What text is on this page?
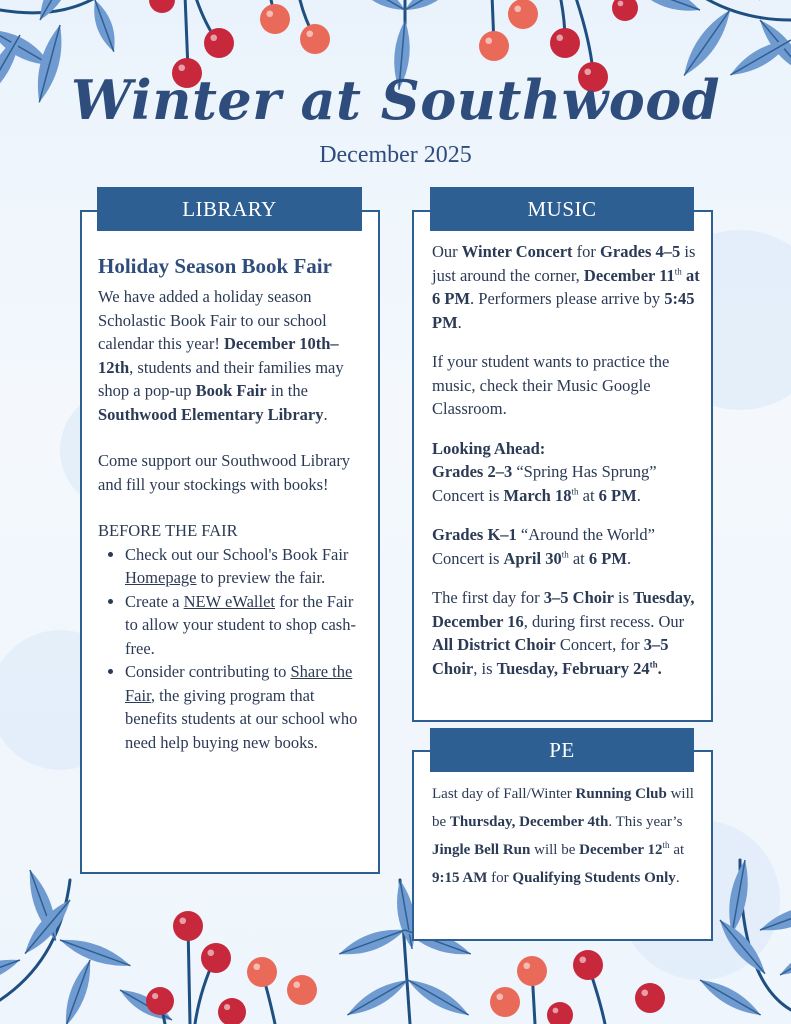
Winter at Southwood
December 2025
LIBRARY
Holiday Season Book Fair

We have added a holiday season Scholastic Book Fair to our school calendar this year! December 10th–12th, students and their families may shop a pop-up Book Fair in the Southwood Elementary Library.

Come support our Southwood Library and fill your stockings with books!

BEFORE THE FAIR
• Check out our School's Book Fair Homepage to preview the fair.
• Create a NEW eWallet for the Fair to allow your student to shop cash-free.
• Consider contributing to Share the Fair, the giving program that benefits students at our school who need help buying new books.
MUSIC

Our Winter Concert for Grades 4–5 is just around the corner, December 11th at 6 PM. Performers please arrive by 5:45 PM.

If your student wants to practice the music, check their Music Google Classroom.

Looking Ahead:
Grades 2–3 “Spring Has Sprung” Concert is March 18th at 6 PM.

Grades K–1 “Around the World” Concert is April 30th at 6 PM.

The first day for 3–5 Choir is Tuesday, December 16, during first recess. Our All District Choir Concert, for 3–5 Choir, is Tuesday, February 24th.

PE

Last day of Fall/Winter Running Club will be Thursday, December 4th. This year’s Jingle Bell Run will be December 12th at 9:15 AM for Qualifying Students Only.
